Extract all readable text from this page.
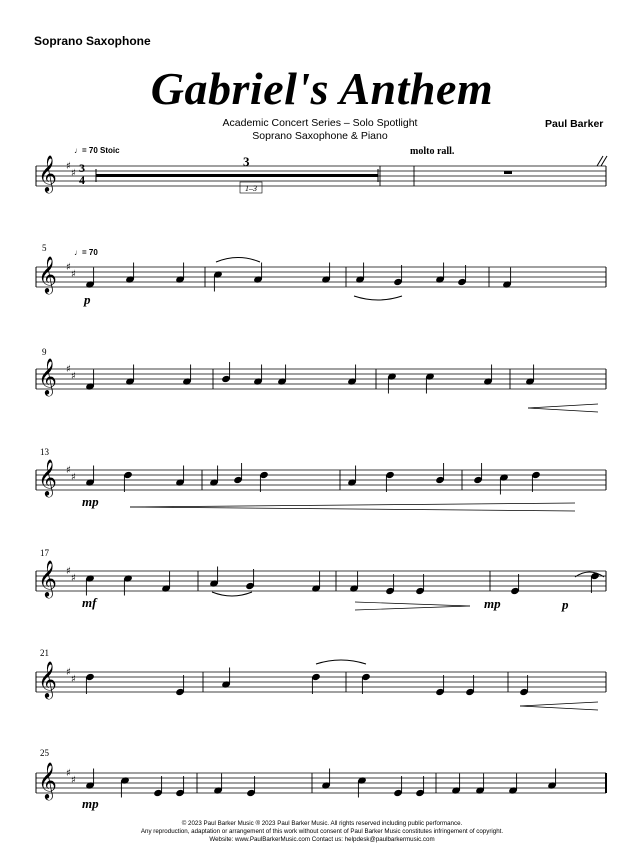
Soprano Saxophone
Gabriel's Anthem
Academic Concert Series – Solo Spotlight
Soprano Saxophone & Piano
Paul Barker
𝄞 ♯
♯
𝄞 ♯
♯
𝄞 ♯
♯
𝄞 ♯
♯
𝄞 ♯
♯
𝄞 ♯
♯
𝄞 ♯
♯
♩= 70 Stoic
3
1–3
molto rall.
3
4
♩= 70
5
9
13
17
21
25
p
mp
mf	mp	p
mp
© 2023 Paul Barker Music ® 2023 Paul Barker Music. All rights reserved including public performance.
Any reproduction, adaptation or arrangement of this work without consent of Paul Barker Music constitutes infringement of copyright.
Website: www.PaulBarkerMusic.com Contact us: helpdesk@paulbarkermusic.com
